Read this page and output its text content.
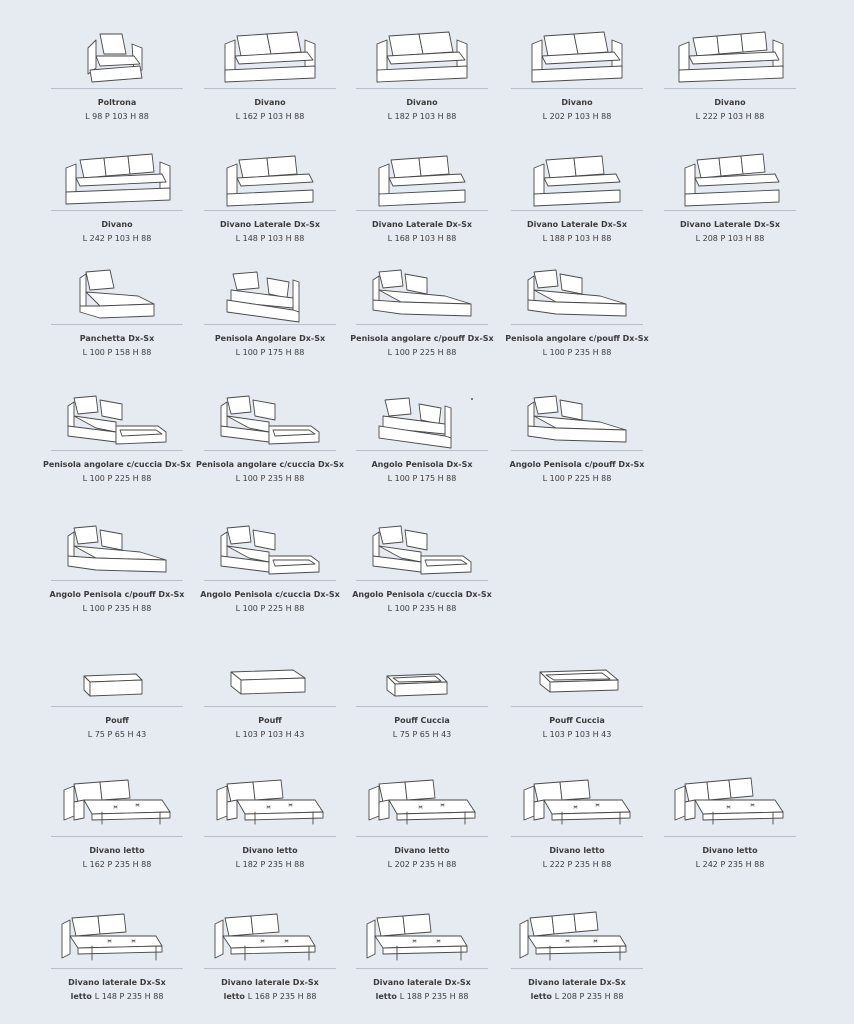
Poltrona
L 98 P 103 H 88
Divano
L 162 P 103 H 88
Divano
L 182 P 103 H 88
Divano
L 202 P 103 H 88
Divano
L 222 P 103 H 88
Divano
L 242 P 103 H 88
Divano Laterale Dx-Sx
L 148 P 103 H 88
Divano Laterale Dx-Sx
L 168 P 103 H 88
Divano Laterale Dx-Sx
L 188 P 103 H 88
Divano Laterale Dx-Sx
L 208 P 103 H 88
Panchetta Dx-Sx
L 100 P 158 H 88
Penisola Angolare Dx-Sx
L 100 P 175 H 88
Penisola angolare c/pouff Dx-Sx
L 100 P 225 H 88
Penisola angolare c/pouff Dx-Sx
L 100 P 235 H 88
Penisola angolare c/cuccia Dx-Sx
L 100 P 225 H 88
Penisola angolare c/cuccia Dx-Sx
L 100 P 235 H 88
Angolo Penisola Dx-Sx
L 100 P 175 H 88
Angolo Penisola c/pouff Dx-Sx
L 100 P 225 H 88
Angolo Penisola c/pouff Dx-Sx
L 100 P 235 H 88
Angolo Penisola c/cuccia Dx-Sx
L 100 P 225 H 88
Angolo Penisola c/cuccia Dx-Sx
L 100 P 235 H 88
Pouff
L 75 P 65 H 43
Pouff
L 103 P 103 H 43
Pouff Cuccia
L 75 P 65 H 43
Pouff Cuccia
L 103 P 103 H 43
Divano letto
L 162 P 235 H 88
Divano letto
L 182 P 235 H 88
Divano letto
L 202 P 235 H 88
Divano letto
L 222 P 235 H 88
Divano letto
L 242 P 235 H 88
Divano laterale Dx-Sx
letto L 148 P 235 H 88
Divano laterale Dx-Sx
letto L 168 P 235 H 88
Divano laterale Dx-Sx
letto L 188 P 235 H 88
Divano laterale Dx-Sx
letto L 208 P 235 H 88
